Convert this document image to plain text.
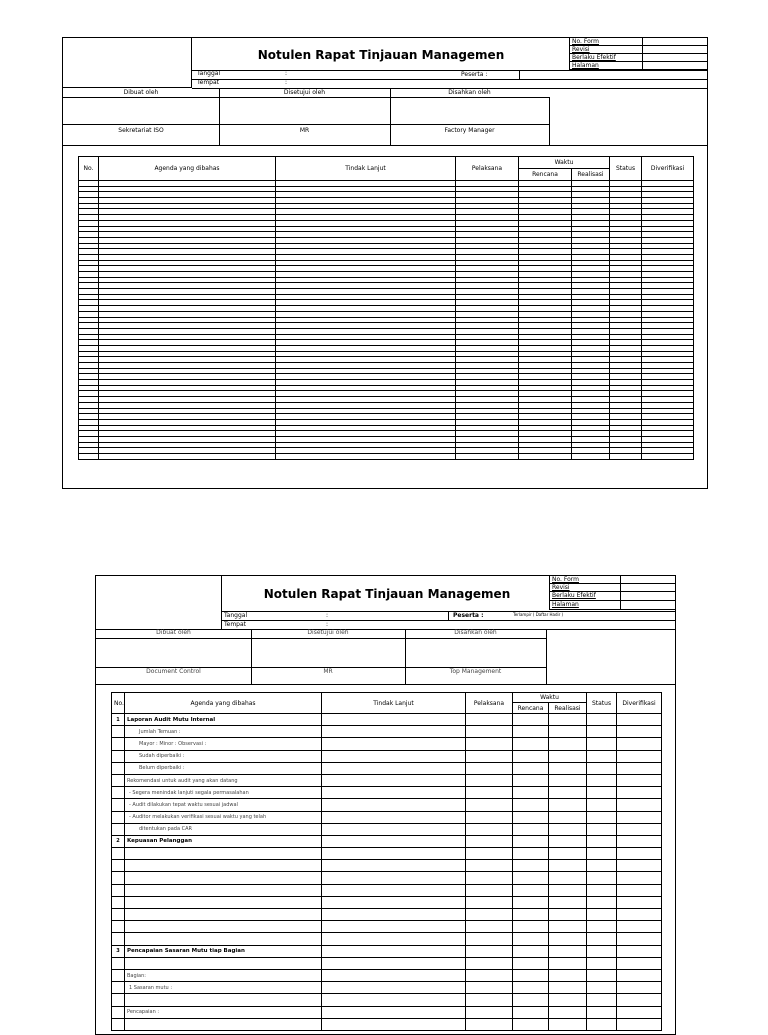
Notulen Rapat Tinjauan Managemen
No. Form
Revisi
Berlaku Efektif
Halaman
Tanggal	:
Tempat	:
Peserta :
Dibuat oleh	Disetujui oleh	Disahkan oleh
Sekretariat ISO	MR	Factory Manager
No.	Agenda yang dibahas	Tindak Lanjut	Pelaksana	Waktu		Status	Diverifikasi
				Rencana	Realisasi		

Notulen Rapat Tinjauan Managemen
No. Form
Revisi
Berlaku Efektif
Halaman
Tanggal	:
Tempat	:
Peserta :	Terlampir ( Daftar Hadir )
Dibuat oleh	Disetujui oleh	Disahkan oleh
Document Control	MR	Top Management
No.	Agenda yang dibahas	Tindak Lanjut	Pelaksana	Waktu		Status	Diverifikasi
				Rencana	Realisasi		
1	Laporan Audit Mutu Internal						
	Jumlah Temuan :						
	Mayor : Minor : Observasi :						
	Sudah diperbaiki :						
	Belum diperbaiki :						
	Rekomendasi untuk audit yang akan datang						
	- Segera menindak lanjuti segala permasalahan						
	- Audit dilakukan tepat waktu sesuai jadwal						
	- Auditor melakukan verifikasi sesuai waktu yang telah						
	ditentukan pada CAR						
2	Kepuasan Pelanggan						

3	Pencapaian Sasaran Mutu tiap Bagian						

	Bagian:						
	1 Sasaran mutu :						

	Pencapaian :						
